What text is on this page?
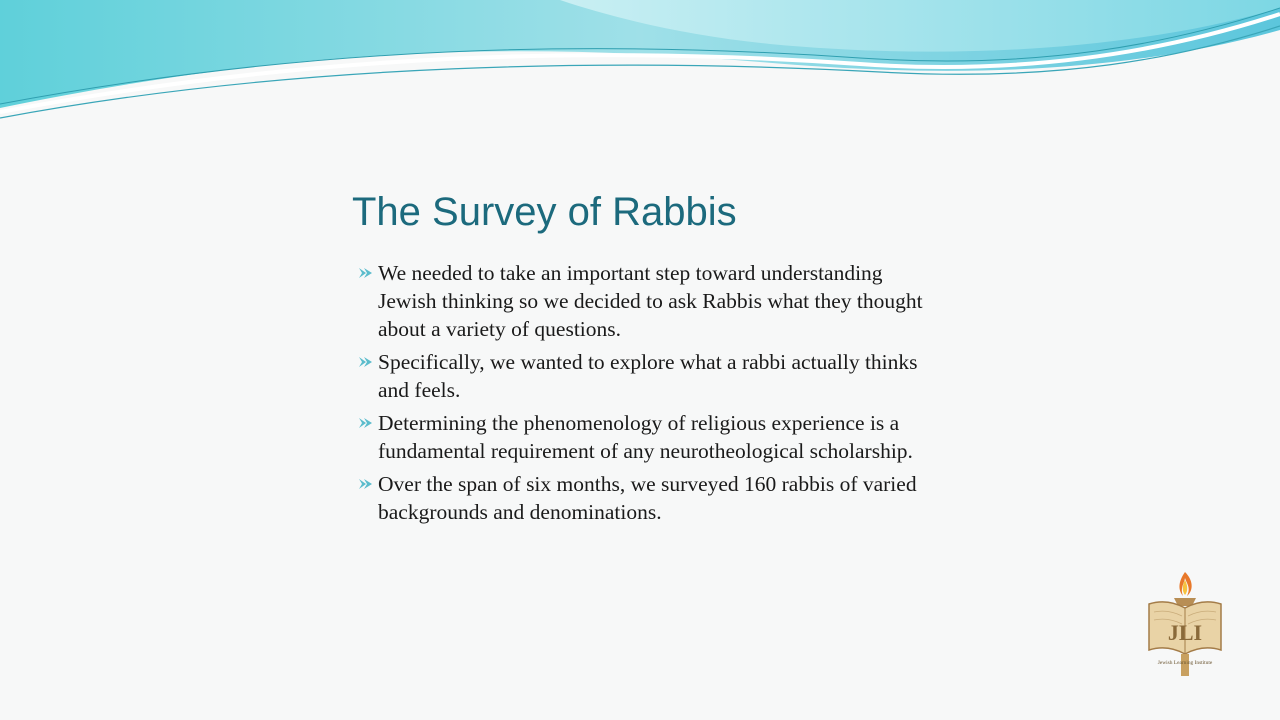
The Survey of Rabbis
We needed to take an important step toward understanding Jewish thinking so we decided to ask Rabbis what they thought about a variety of questions.
Specifically, we wanted to explore what a rabbi actually thinks and feels.
Determining the phenomenology of religious experience is a fundamental requirement of any neurotheological scholarship.
Over the span of six months, we surveyed 160 rabbis of varied backgrounds and denominations.
JLI
Jewish Learning Institute
